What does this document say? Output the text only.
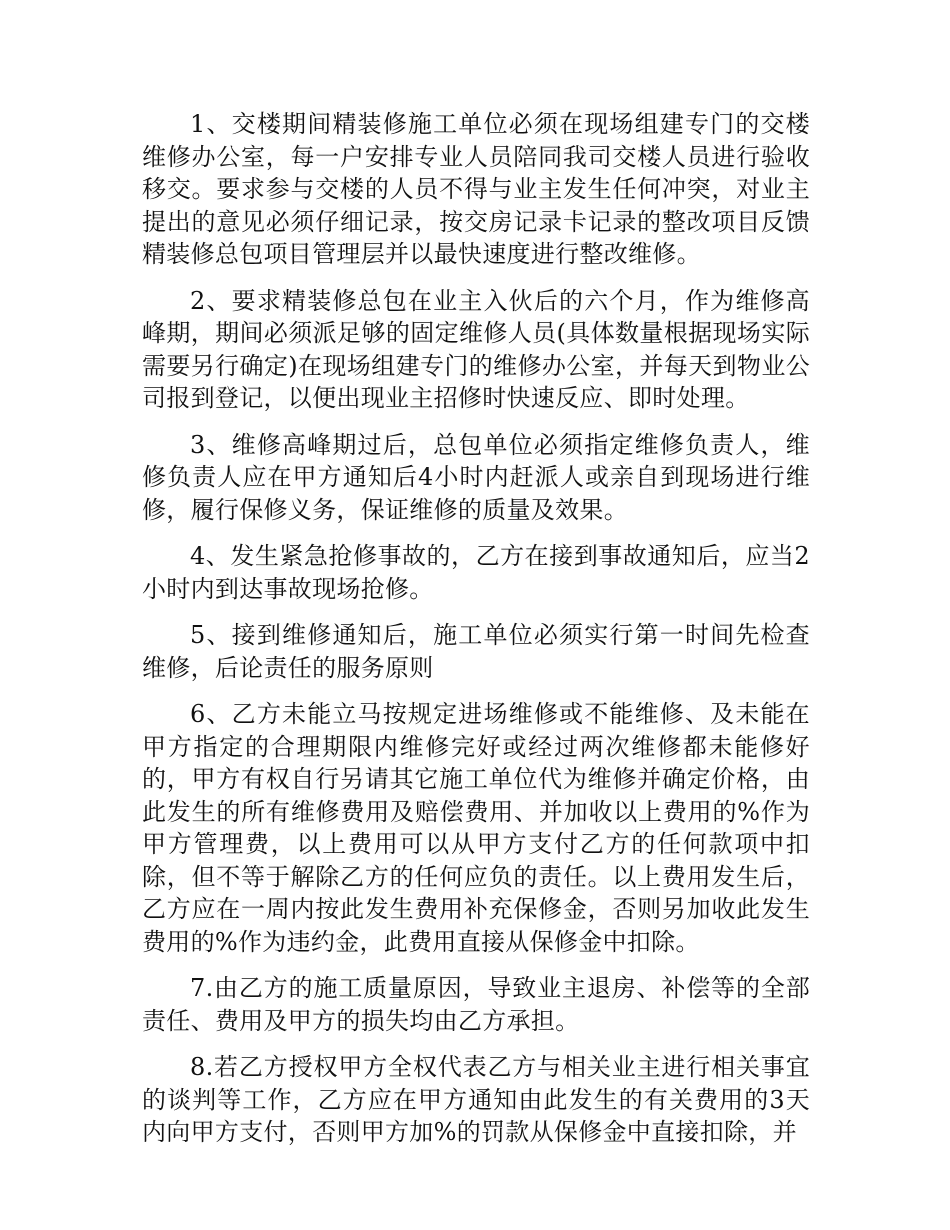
1、交楼期间精装修施工单位必须在现场组建专门的交楼维修办公室，每一户安排专业人员陪同我司交楼人员进行验收移交。要求参与交楼的人员不得与业主发生任何冲突，对业主提出的意见必须仔细记录，按交房记录卡记录的整改项目反馈精装修总包项目管理层并以最快速度进行整改维修。

2、要求精装修总包在业主入伙后的六个月，作为维修高峰期，期间必须派足够的固定维修人员(具体数量根据现场实际需要另行确定)在现场组建专门的维修办公室，并每天到物业公司报到登记，以便出现业主招修时快速反应、即时处理。

3、维修高峰期过后，总包单位必须指定维修负责人，维修负责人应在甲方通知后4小时内赶派人或亲自到现场进行维修，履行保修义务，保证维修的质量及效果。

4、发生紧急抢修事故的，乙方在接到事故通知后，应当2小时内到达事故现场抢修。

5、接到维修通知后，施工单位必须实行第一时间先检查维修，后论责任的服务原则

6、乙方未能立马按规定进场维修或不能维修、及未能在甲方指定的合理期限内维修完好或经过两次维修都未能修好的，甲方有权自行另请其它施工单位代为维修并确定价格，由此发生的所有维修费用及赔偿费用、并加收以上费用的%作为甲方管理费，以上费用可以从甲方支付乙方的任何款项中扣除，但不等于解除乙方的任何应负的责任。以上费用发生后，乙方应在一周内按此发生费用补充保修金，否则另加收此发生费用的%作为违约金，此费用直接从保修金中扣除。

7.由乙方的施工质量原因，导致业主退房、补偿等的全部责任、费用及甲方的损失均由乙方承担。

8.若乙方授权甲方全权代表乙方与相关业主进行相关事宜的谈判等工作，乙方应在甲方通知由此发生的有关费用的3天内向甲方支付，否则甲方加%的罚款从保修金中直接扣除，并
